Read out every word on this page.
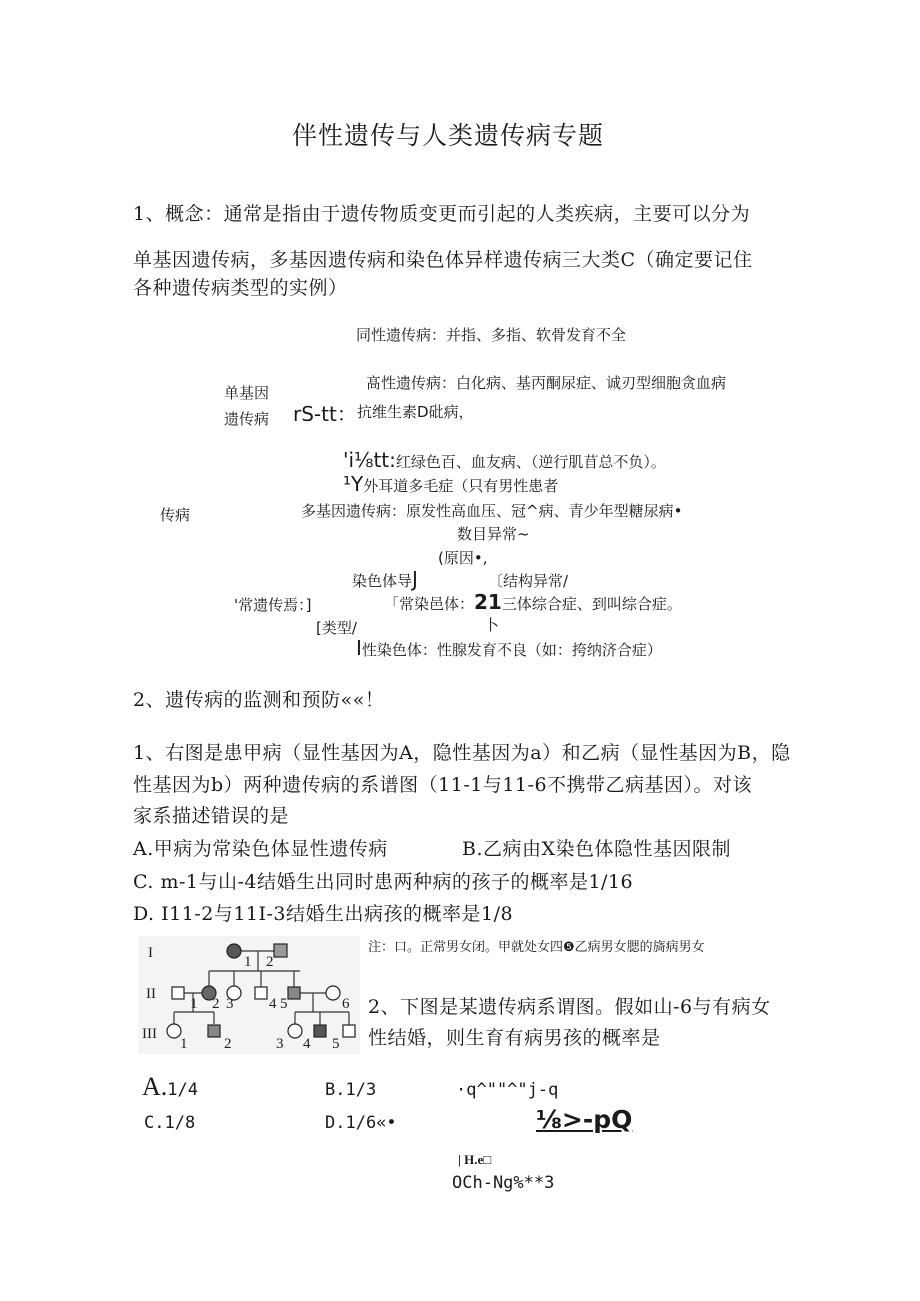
伴性遗传与人类遗传病专题
1、概念：通常是指由于遗传物质变更而引起的人类疾病，主要可以分为
单基因遗传病，多基因遗传病和染色体异样遗传病三大类C（确定要记住
各种遗传病类型的实例）
同性遗传病：并指、多指、软骨发育不全
髙性遗传病：白化病、基丙酮尿症、诚刃型细胞贪血病
单基因
遗传病 rS-tt： 抗维生素D砒病，
'i⅛tt:红绿色百、血友病、（逆行肌苜总不负）。
¹Y外耳道多毛症（只有男性患者
传病	多基因遗传病：原发性高血压、冠^病、青少年型糖尿病•
数目异常~
(原因•,
染色体导J	〔结构异常/
'常遗传焉：]	「常染邑体：21三体综合症、到叫综合症。
[类型/	卜
I性染色体：性腺发育不良（如：挎纳济合症）
2、遗传病的监测和预防««！
1、右图是患甲病（显性基因为A，隐性基因为a）和乙病（显性基因为B，隐
性基因为b）两种遗传病的系谱图（11-1与11-6不携带乙病基因）。对该
家系描述错误的是
A.甲病为常染色体显性遗传病	B.乙病由X染色体隐性基因限制
C. m-1与山-4结婚生出同时患两种病的孩子的概率是1/16
D. I11-2与11I-3结婚生出病孩的概率是1/8
注：口。正常男女闭。甲就处女四❺乙病男女腮的旖病男女
I
II
III
1 2
1 2 3 4 5	6
1 2	3 4 5
2、下图是某遗传病系谓图。假如山-6与有病女
性结婚，则生育有病男孩的概率是
A.1/4	B.1/3
C.1/8	D.1/6«•
·q^""^"j-q
⅛>-pQ
| H.e□
OCh-Ng%**3
